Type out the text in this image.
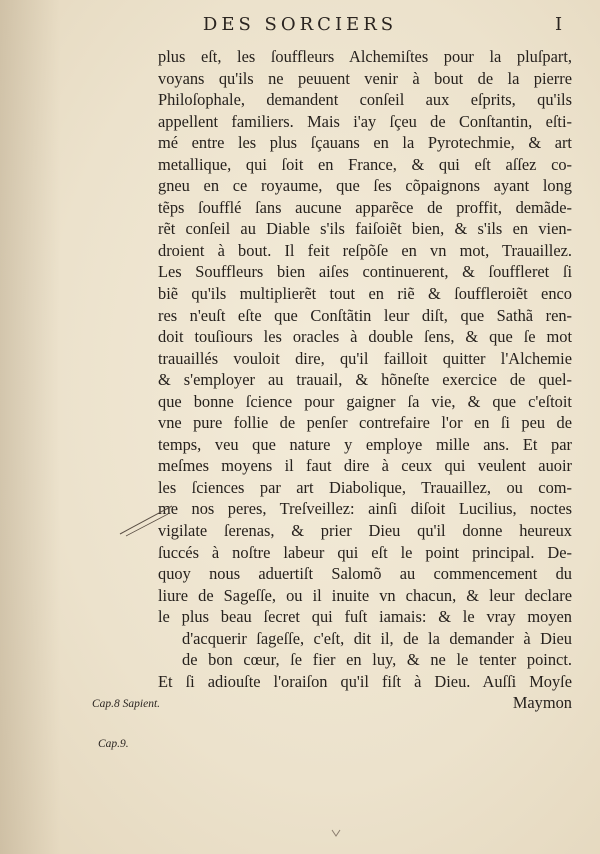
DES SORCIERS	I
plus eſt, les ſouffleurs Alchemiſtes pour la pluſpart,
voyans qu'ils ne peuuent venir à bout de la pierre
Philoſophale, demandent conſeil aux eſprits, qu'ils
appellent familiers. Mais i'ay ſçeu de Conſtantin, eſti-
mé entre les plus ſçauans en la Pyrotechmie, & art
metallique, qui ſoit en France, & qui eſt aſſez co-
gneu en ce royaume, que ſes cõpaignons ayant long
tẽps ſoufflé ſans aucune apparẽce de proffit, demãde-
rẽt conſeil au Diable s'ils faiſoiẽt bien, & s'ils en vien-
droient à bout. Il feit reſpõſe en vn mot, Trauaillez.
Les Souffleurs bien aiſes continuerent, & ſouffleret ſi
biẽ qu'ils multiplierẽt tout en riẽ & ſouffleroiẽt enco
res n'euſt eſte que Conſtãtin leur diſt, que Sathã ren-
doit touſiours les oracles à double ſens, & que ſe mot
trauaillés vouloit dire, qu'il failloit quitter l'Alchemie
& s'employer au trauail, & hõneſte exercice de quel-
que bonne ſcience pour gaigner ſa vie, & que c'eſtoit
vne pure follie de penſer contrefaire l'or en ſi peu de
temps, veu que nature y employe mille ans. Et par
meſmes moyens il faut dire à ceux qui veulent auoir
les ſciences par art Diabolique, Trauaillez, ou com-
me nos peres, Treſveillez: ainſi diſoit Lucilius, noctes
vigilate ſerenas, & prier Dieu qu'il donne heureux
ſuccés à noſtre labeur qui eſt le point principal. De-
quoy nous aduertiſt Salomõ au commencement du
liure de Sageſſe, ou il inuite vn chacun, & leur declare
le plus beau ſecret qui fuſt iamais: & le vray moyen
d'acquerir ſageſſe, c'eſt, dit il, de la demander à Dieu
de bon cœur, ſe fier en luy, & ne le tenter poinct.
Et ſi adiouſte l'oraiſon qu'il fiſt à Dieu. Auſſi Moyſe
Maymon
Cap.8 Sapient.
Cap.9.
